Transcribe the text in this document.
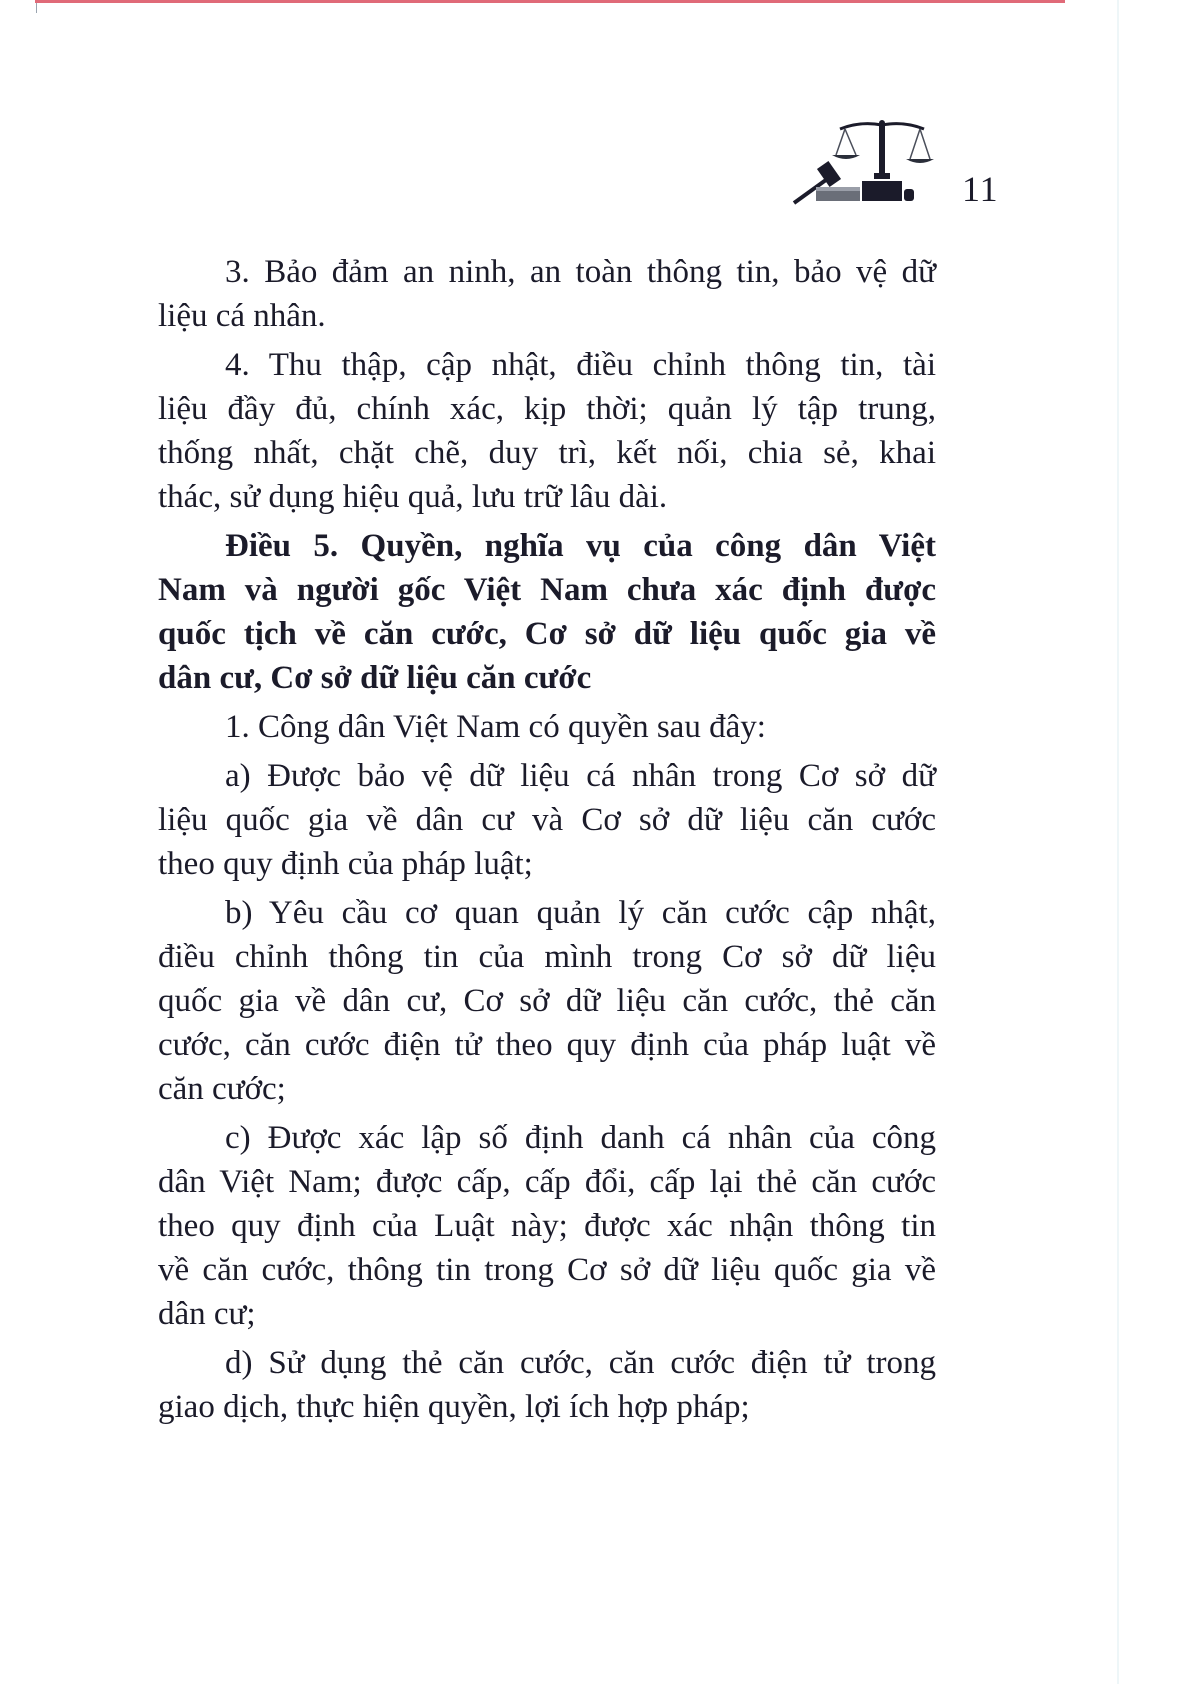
11

3. Bảo đảm an ninh, an toàn thông tin, bảo vệ dữ
liệu cá nhân.

4. Thu thập, cập nhật, điều chỉnh thông tin, tài
liệu đầy đủ, chính xác, kịp thời; quản lý tập trung,
thống nhất, chặt chẽ, duy trì, kết nối, chia sẻ, khai
thác, sử dụng hiệu quả, lưu trữ lâu dài.

Điều 5. Quyền, nghĩa vụ của công dân Việt
Nam và người gốc Việt Nam chưa xác định được
quốc tịch về căn cước, Cơ sở dữ liệu quốc gia về
dân cư, Cơ sở dữ liệu căn cước

1. Công dân Việt Nam có quyền sau đây:

a) Được bảo vệ dữ liệu cá nhân trong Cơ sở dữ
liệu quốc gia về dân cư và Cơ sở dữ liệu căn cước
theo quy định của pháp luật;

b) Yêu cầu cơ quan quản lý căn cước cập nhật,
điều chỉnh thông tin của mình trong Cơ sở dữ liệu
quốc gia về dân cư, Cơ sở dữ liệu căn cước, thẻ căn
cước, căn cước điện tử theo quy định của pháp luật về
căn cước;

c) Được xác lập số định danh cá nhân của công
dân Việt Nam; được cấp, cấp đổi, cấp lại thẻ căn cước
theo quy định của Luật này; được xác nhận thông tin
về căn cước, thông tin trong Cơ sở dữ liệu quốc gia về
dân cư;

d) Sử dụng thẻ căn cước, căn cước điện tử trong
giao dịch, thực hiện quyền, lợi ích hợp pháp;
